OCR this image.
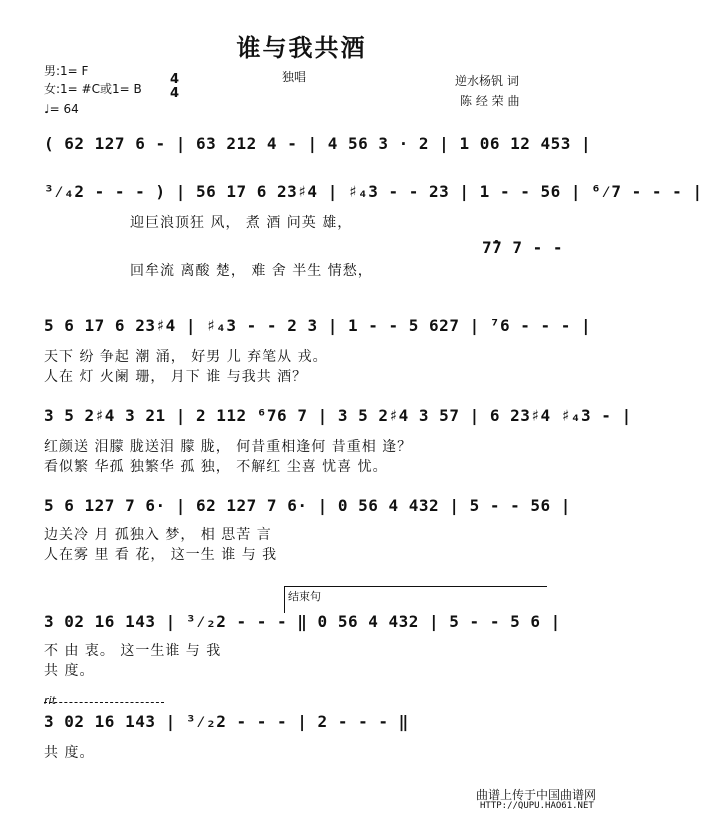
谁与我共酒
男:1= F
女:1= #C或1= B
4
4
♩= 64
独唱	逆水杨钒 词
陈 经 荣 曲
( 62 127 6 - | 63 212 4 - | 4 56 3 · 2 | 1 06 12 453 |
³⁄₄2 - - - ) | 56 17 6 23♯4 | ♯₄3 - - 23 | 1 - - 56 | ⁶⁄7 - - - |
迎巨浪顶狂 风， 煮 酒 问英 雄，
7̂7 7 - -
回牟流 离酸 楚， 难 舍 半生 情愁，
5 6 17 6 23♯4 | ♯₄3 - - 2 3 | 1 - - 5 627 | ⁷6 - - - |
天下 纷 争起 潮 涌， 好男 儿 弃笔从 戎。
人在 灯 火阑 珊， 月下 谁 与我共 酒？
3 5 2♯4 3 21 | 2 112 ⁶76 7 | 3 5 2♯4 3 57 | 6 23♯4 ♯₄3 - |
红颜送 泪朦 胧送泪 朦 胧， 何昔重相逢何 昔重相 逢？
看似繁 华孤 独繁华 孤 独， 不解红 尘喜 忧喜 忧。
5 6 127 7 6· | 62 127 7 6· | 0 56 4 432 | 5 - - 56 |
边关冷 月 孤独入 梦， 相 思苦 言
人在雾 里 看 花， 这一生 谁 与 我
结束句
3 02 16 143 | ³⁄₂2 - - - ‖ 0 56 4 432 | 5 - - 5 6 |
不 由 衷。 这一生谁 与 我
共 度。
rit
3 02 16 143 | ³⁄₂2 - - - | 2 - - - ‖
共 度。
曲谱上传于中国曲谱网
HTTP://QUPU.HAO61.NET
